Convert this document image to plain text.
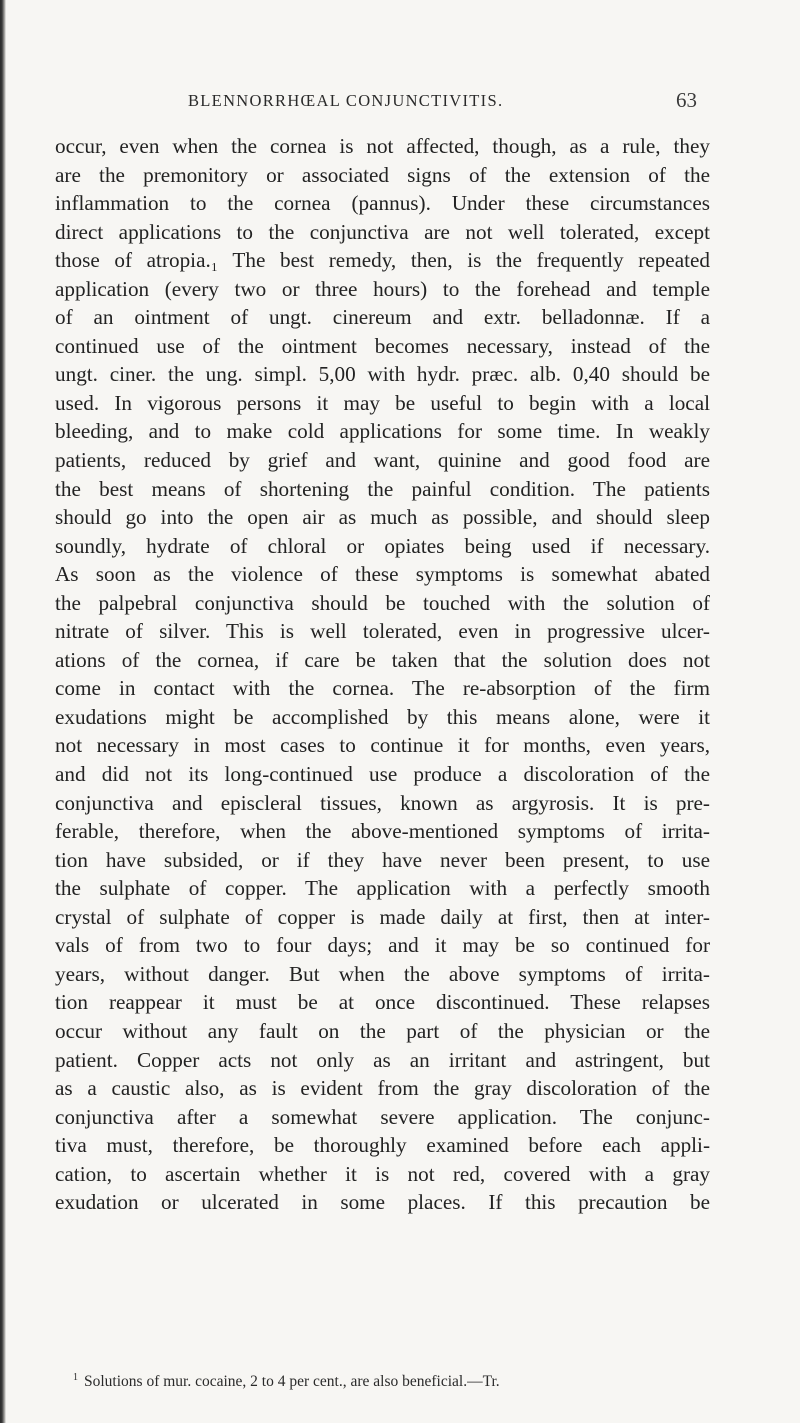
BLENNORRHŒAL CONJUNCTIVITIS.	63
occur, even when the cornea is not affected, though, as a rule, they
are the premonitory or associated signs of the extension of the
inflammation to the cornea (pannus). Under these circumstances
direct applications to the conjunctiva are not well tolerated, except
those of atropia.₁ The best remedy, then, is the frequently repeated
application (every two or three hours) to the forehead and temple
of an ointment of ungt. cinereum and extr. belladonnæ. If a
continued use of the ointment becomes necessary, instead of the
ungt. ciner. the ung. simpl. 5,00 with hydr. præc. alb. 0,40 should be
used. In vigorous persons it may be useful to begin with a local
bleeding, and to make cold applications for some time. In weakly
patients, reduced by grief and want, quinine and good food are
the best means of shortening the painful condition. The patients
should go into the open air as much as possible, and should sleep
soundly, hydrate of chloral or opiates being used if necessary.
As soon as the violence of these symptoms is somewhat abated
the palpebral conjunctiva should be touched with the solution of
nitrate of silver. This is well tolerated, even in progressive ulcer-
ations of the cornea, if care be taken that the solution does not
come in contact with the cornea. The re-absorption of the firm
exudations might be accomplished by this means alone, were it
not necessary in most cases to continue it for months, even years,
and did not its long-continued use produce a discoloration of the
conjunctiva and episcleral tissues, known as argyrosis. It is pre-
ferable, therefore, when the above-mentioned symptoms of irrita-
tion have subsided, or if they have never been present, to use
the sulphate of copper. The application with a perfectly smooth
crystal of sulphate of copper is made daily at first, then at inter-
vals of from two to four days; and it may be so continued for
years, without danger. But when the above symptoms of irrita-
tion reappear it must be at once discontinued. These relapses
occur without any fault on the part of the physician or the
patient. Copper acts not only as an irritant and astringent, but
as a caustic also, as is evident from the gray discoloration of the
conjunctiva after a somewhat severe application. The conjunc-
tiva must, therefore, be thoroughly examined before each appli-
cation, to ascertain whether it is not red, covered with a gray
exudation or ulcerated in some places. If this precaution be
$^1$ Solutions of mur. cocaine, 2 to 4 per cent., are also beneficial.—Tr.
